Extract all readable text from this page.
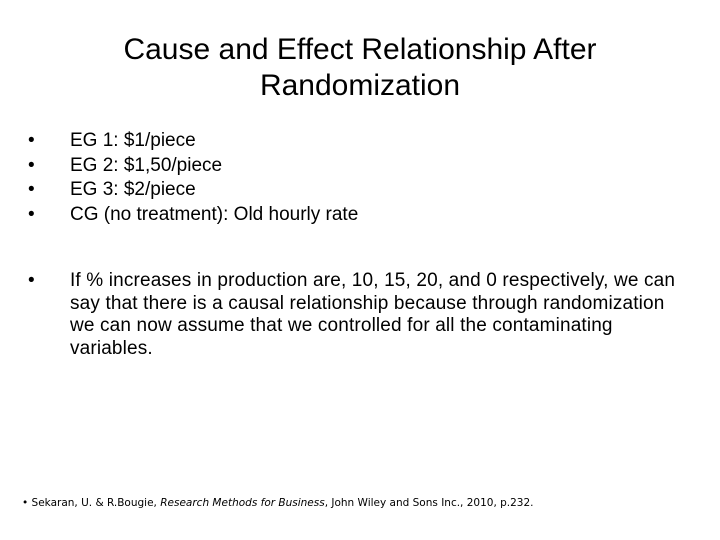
Cause and Effect Relationship After
Randomization
• EG 1: $1/piece
• EG 2: $1,50/piece
• EG 3: $2/piece
• CG (no treatment): Old hourly rate
• If % increases in production are, 10, 15, 20, and 0 respectively, we can say that there is a causal relationship because through randomization we can now assume that we controlled for all the contaminating variables.
• Sekaran, U. & R.Bougie, Research Methods for Business, John Wiley and Sons Inc., 2010, p.232.
